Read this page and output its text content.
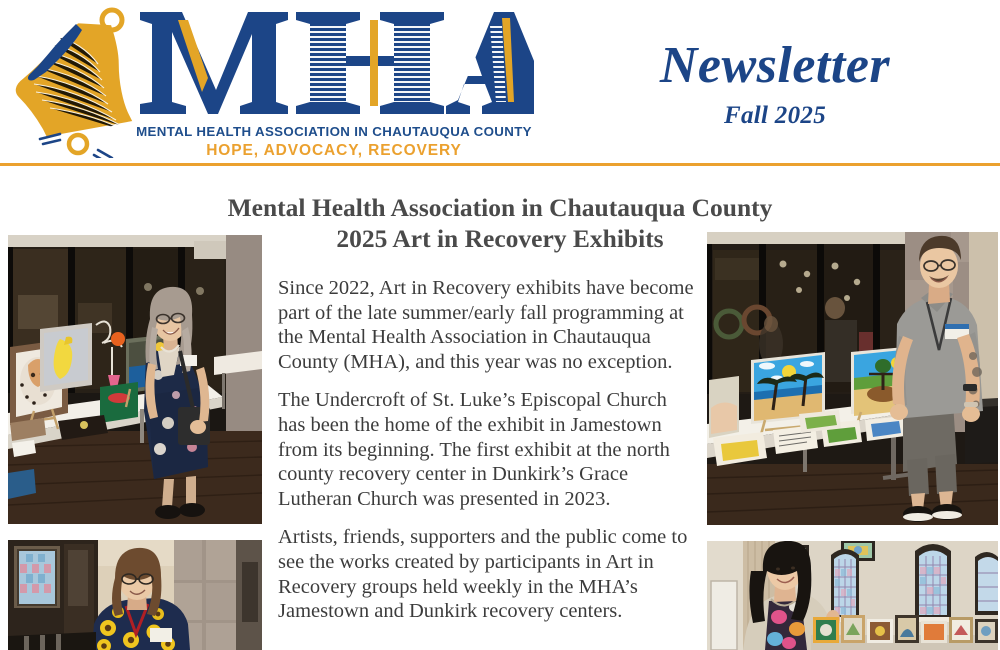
MENTAL HEALTH ASSOCIATION IN CHAUTAUQUA COUNTY
HOPE, ADVOCACY, RECOVERY
Newsletter
Fall 2025
Mental Health Association in Chautauqua County
2025 Art in Recovery Exhibits

Since 2022, Art in Recovery exhibits have become part of the late summer/early fall programming at the Mental Health Association in Chautauqua County (MHA), and this year was no exception.

The Undercroft of St. Luke’s Episcopal Church has been the home of the exhibit in Jamestown from its beginning. The first exhibit at the north county recovery center in Dunkirk’s Grace Lutheran Church was presented in 2023.

Artists, friends, supporters and the public come to see the works created by participants in Art in Recovery groups held weekly in the MHA’s Jamestown and Dunkirk recovery centers.
